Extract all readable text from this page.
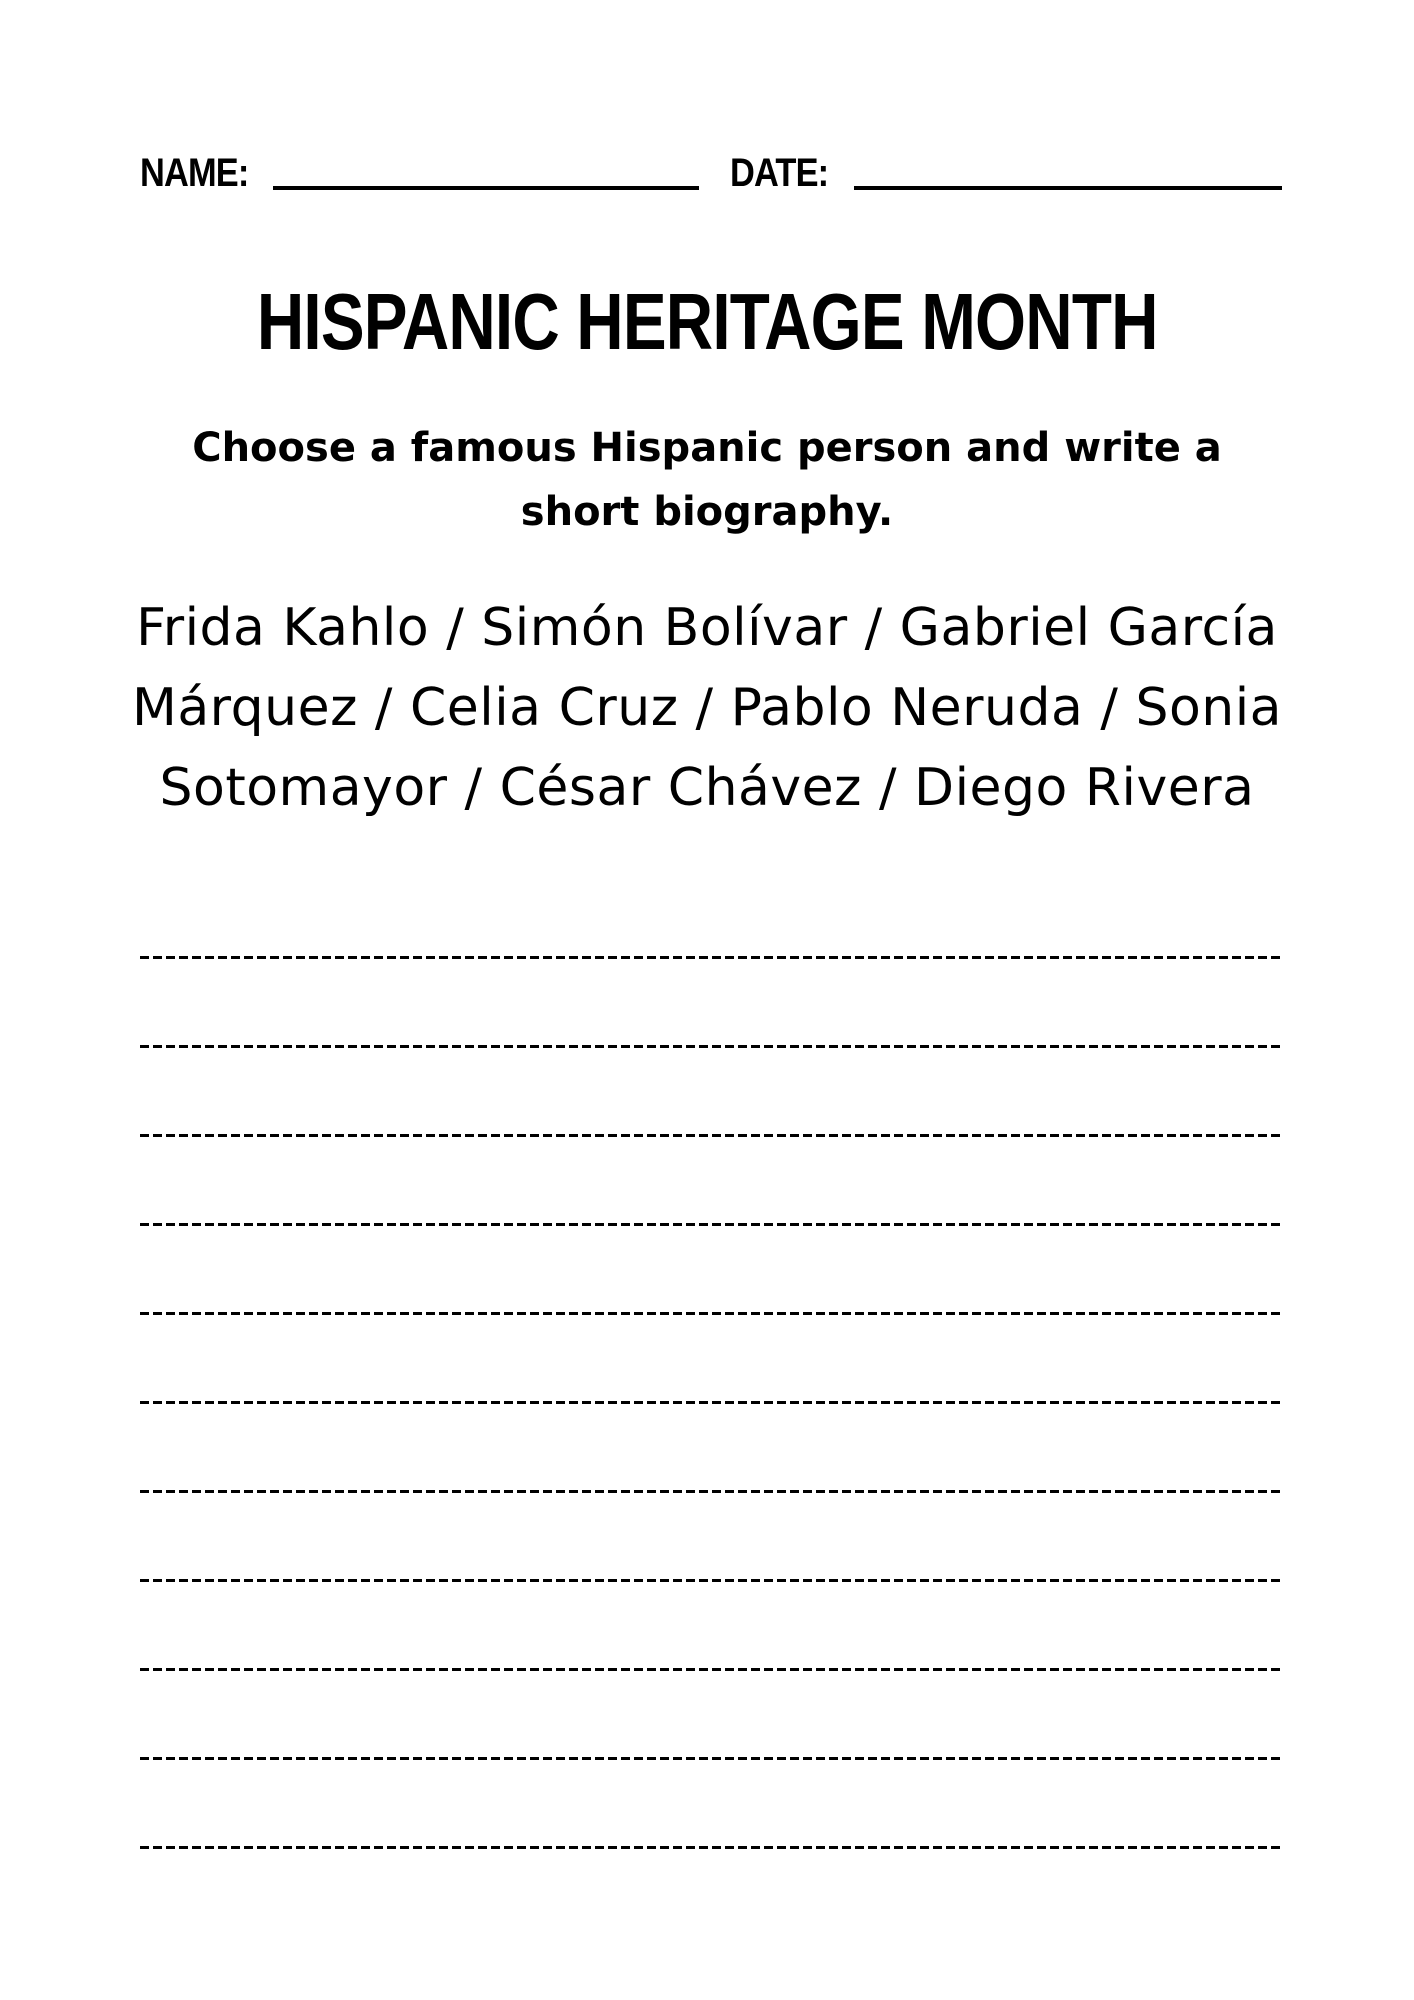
NAME:	DATE:
HISPANIC HERITAGE MONTH
Choose a famous Hispanic person and write a short biography.
Frida Kahlo / Simón Bolívar / Gabriel García Márquez / Celia Cruz / Pablo Neruda / Sonia Sotomayor / César Chávez / Diego Rivera
